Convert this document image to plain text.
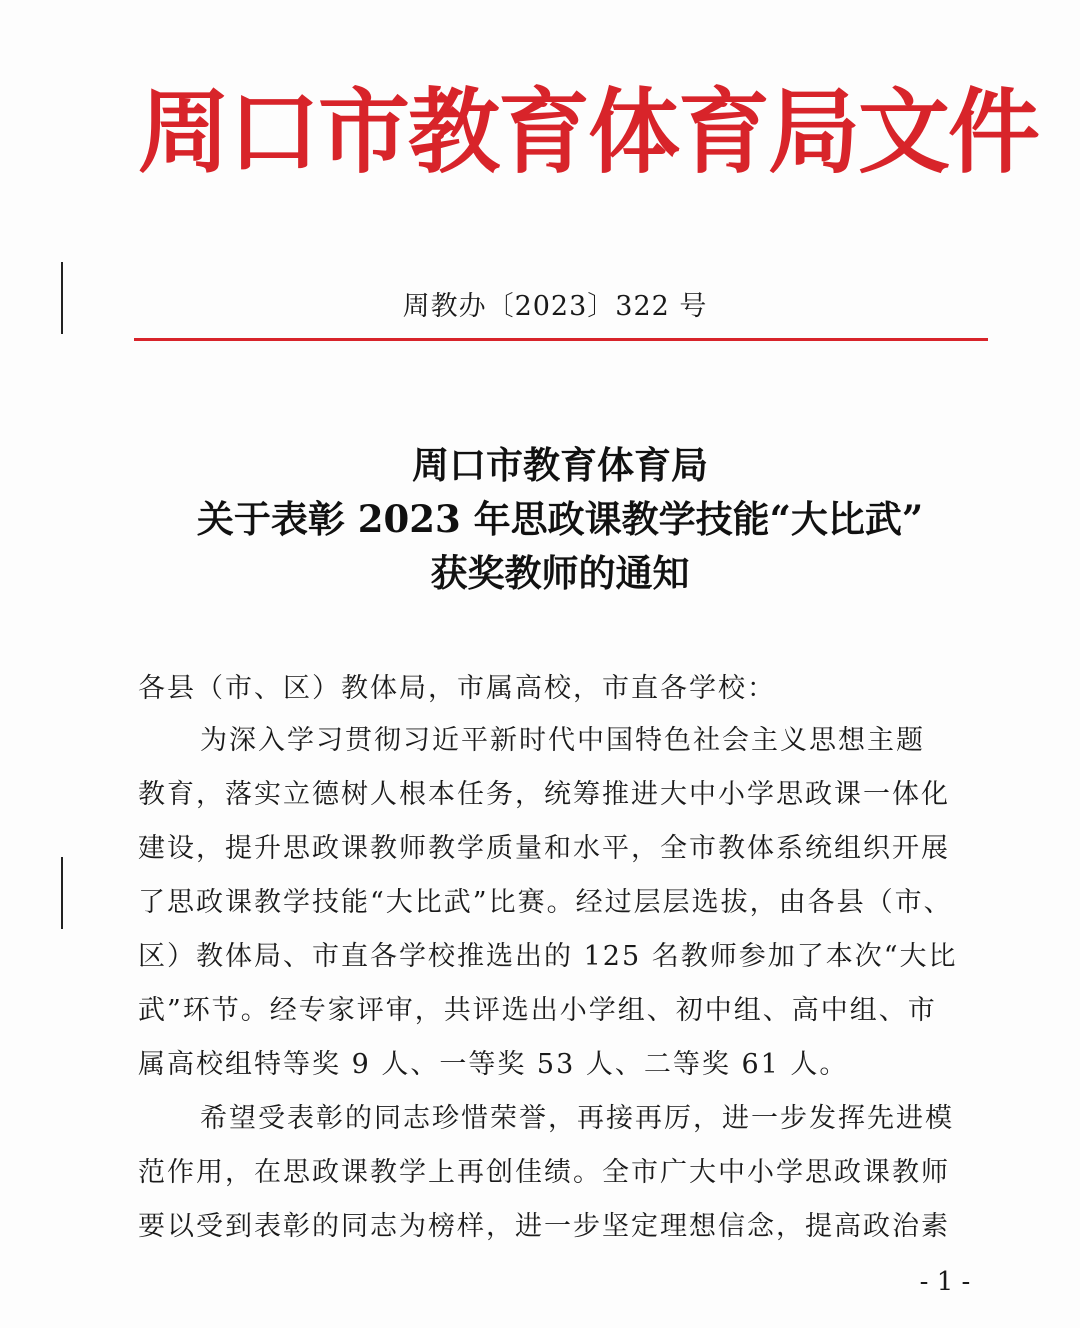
周口市教育体育局文件
周教办〔2023〕322 号
周口市教育体育局
关于表彰 2023 年思政课教学技能“大比武”
获奖教师的通知
各县（市、区）教体局，市属高校，市直各学校：
为深入学习贯彻习近平新时代中国特色社会主义思想主题
教育，落实立德树人根本任务，统筹推进大中小学思政课一体化
建设，提升思政课教师教学质量和水平，全市教体系统组织开展
了思政课教学技能“大比武”比赛。经过层层选拔，由各县（市、
区）教体局、市直各学校推选出的 125 名教师参加了本次“大比
武”环节。经专家评审，共评选出小学组、初中组、高中组、市
属高校组特等奖 9 人、一等奖 53 人、二等奖 61 人。
希望受表彰的同志珍惜荣誉，再接再厉，进一步发挥先进模
范作用，在思政课教学上再创佳绩。全市广大中小学思政课教师
要以受到表彰的同志为榜样，进一步坚定理想信念，提高政治素
- 1 -
